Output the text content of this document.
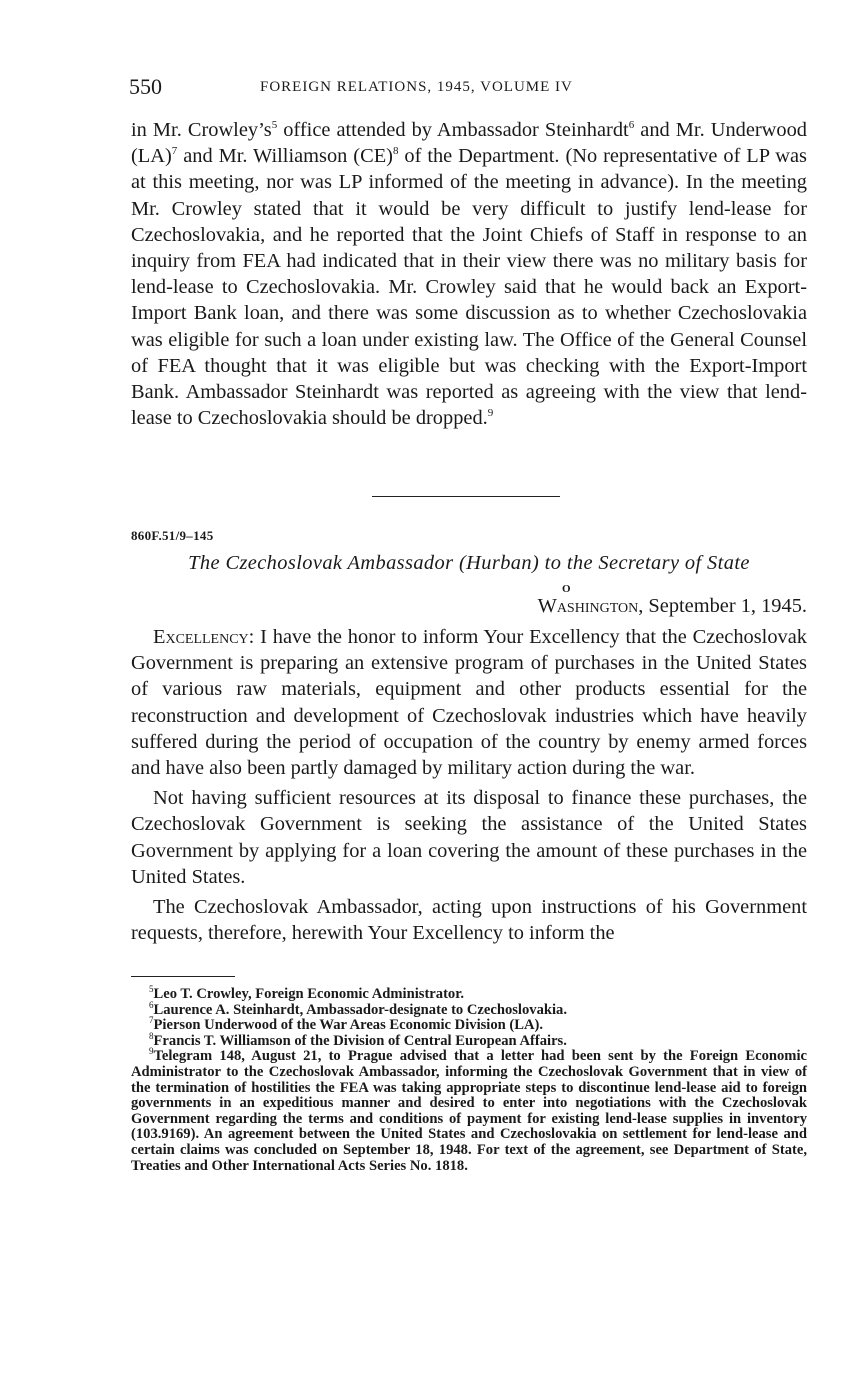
550	FOREIGN RELATIONS, 1945, VOLUME IV

in Mr. $Crowley’s^5$ office attended by Ambassador Steinhardt$^6$ and Mr. Underwood (LA)$^7$ and Mr. Williamson (CE)$^8$ of the Department. (No representative of LP was at this meeting, nor was LP informed of the meeting in advance). In the meeting Mr. Crowley stated that it would be very difficult to justify lend-lease for Czechoslovakia, and he reported that the Joint Chiefs of Staff in response to an inquiry from FEA had indicated that in their view there was no military basis for lend-lease to Czechoslovakia. Mr. Crowley said that he would back an Export-Import Bank loan, and there was some discussion as to whether Czechoslovakia was eligible for such a loan under existing law. The Office of the General Counsel of FEA thought that it was eligible but was checking with the Export-Import Bank. Ambassador Steinhardt was reported as agreeing with the view that lend-lease to Czechoslovakia should be dropped.$^9$

860F.51/9–145
The Czechoslovak Ambassador (Hurban) to the Secretary of State
O
Washington, September 1, 1945.

Excellency: I have the honor to inform Your Excellency that the Czechoslovak Government is preparing an extensive program of purchases in the United States of various raw materials, equipment and other products essential for the reconstruction and development of Czechoslovak industries which have heavily suffered during the period of occupation of the country by enemy armed forces and have also been partly damaged by military action during the war.

Not having sufficient resources at its disposal to finance these purchases, the Czechoslovak Government is seeking the assistance of the United States Government by applying for a loan covering the amount of these purchases in the United States.

The Czechoslovak Ambassador, acting upon instructions of his Government requests, therefore, herewith Your Excellency to inform the

$^5$Leo T. Crowley, Foreign Economic Administrator.

$^6$Laurence A. Steinhardt, Ambassador-designate to Czechoslovakia.

$^7$Pierson Underwood of the War Areas Economic Division (LA).

$^8$Francis T. Williamson of the Division of Central European Affairs.

$^9$Telegram 148, August 21, to Prague advised that a letter had been sent by the Foreign Economic Administrator to the Czechoslovak Ambassador, informing the Czechoslovak Government that in view of the termination of hostilities the FEA was taking appropriate steps to discontinue lend-lease aid to foreign governments in an expeditious manner and desired to enter into negotiations with the Czechoslovak Government regarding the terms and conditions of payment for existing lend-lease supplies in inventory (103.9169). An agreement between the United States and Czechoslovakia on settlement for lend-lease and certain claims was concluded on September 18, 1948. For text of the agreement, see Department of State, Treaties and Other International Acts Series No. 1818.
